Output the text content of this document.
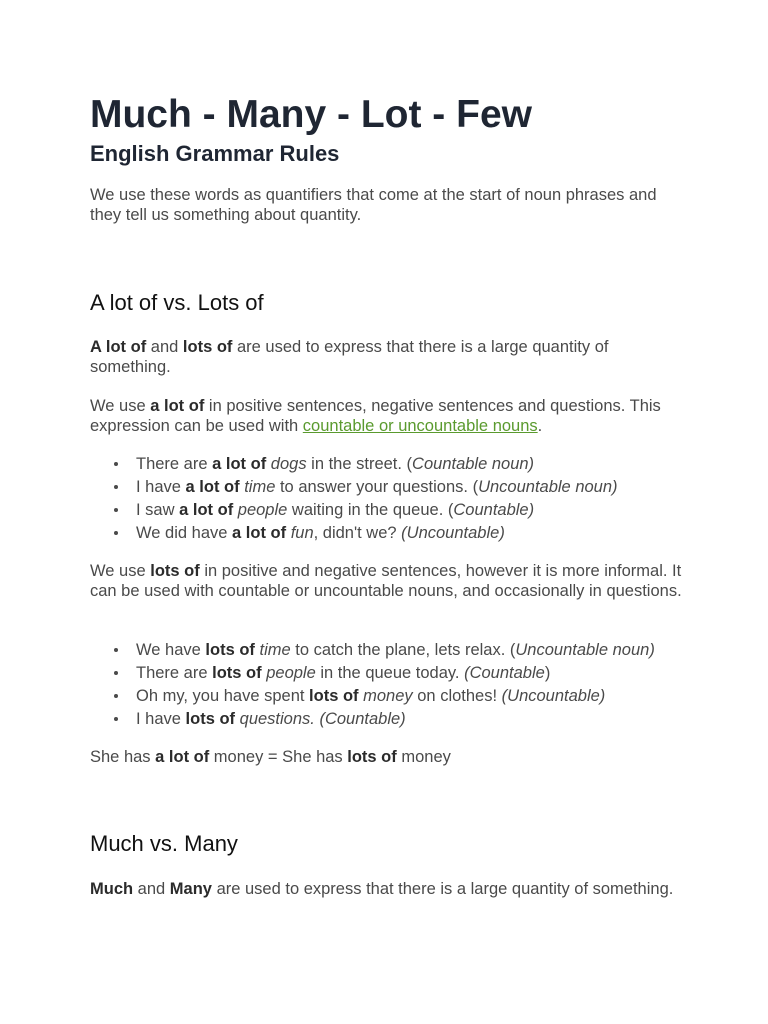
Much - Many - Lot - Few
English Grammar Rules

We use these words as quantifiers that come at the start of noun phrases and they tell us something about quantity.

A lot of vs. Lots of

A lot of and lots of are used to express that there is a large quantity of something.

We use a lot of in positive sentences, negative sentences and questions. This expression can be used with countable or uncountable nouns.

There are a lot of dogs in the street. (Countable noun)
I have a lot of time to answer your questions. (Uncountable noun)
I saw a lot of people waiting in the queue. (Countable)
We did have a lot of fun, didn't we? (Uncountable)

We use lots of in positive and negative sentences, however it is more informal. It can be used with countable or uncountable nouns, and occasionally in questions.

We have lots of time to catch the plane, lets relax. (Uncountable noun)
There are lots of people in the queue today. (Countable)
Oh my, you have spent lots of money on clothes! (Uncountable)
I have lots of questions. (Countable)

She has a lot of money = She has lots of money

Much vs. Many

Much and Many are used to express that there is a large quantity of something.
